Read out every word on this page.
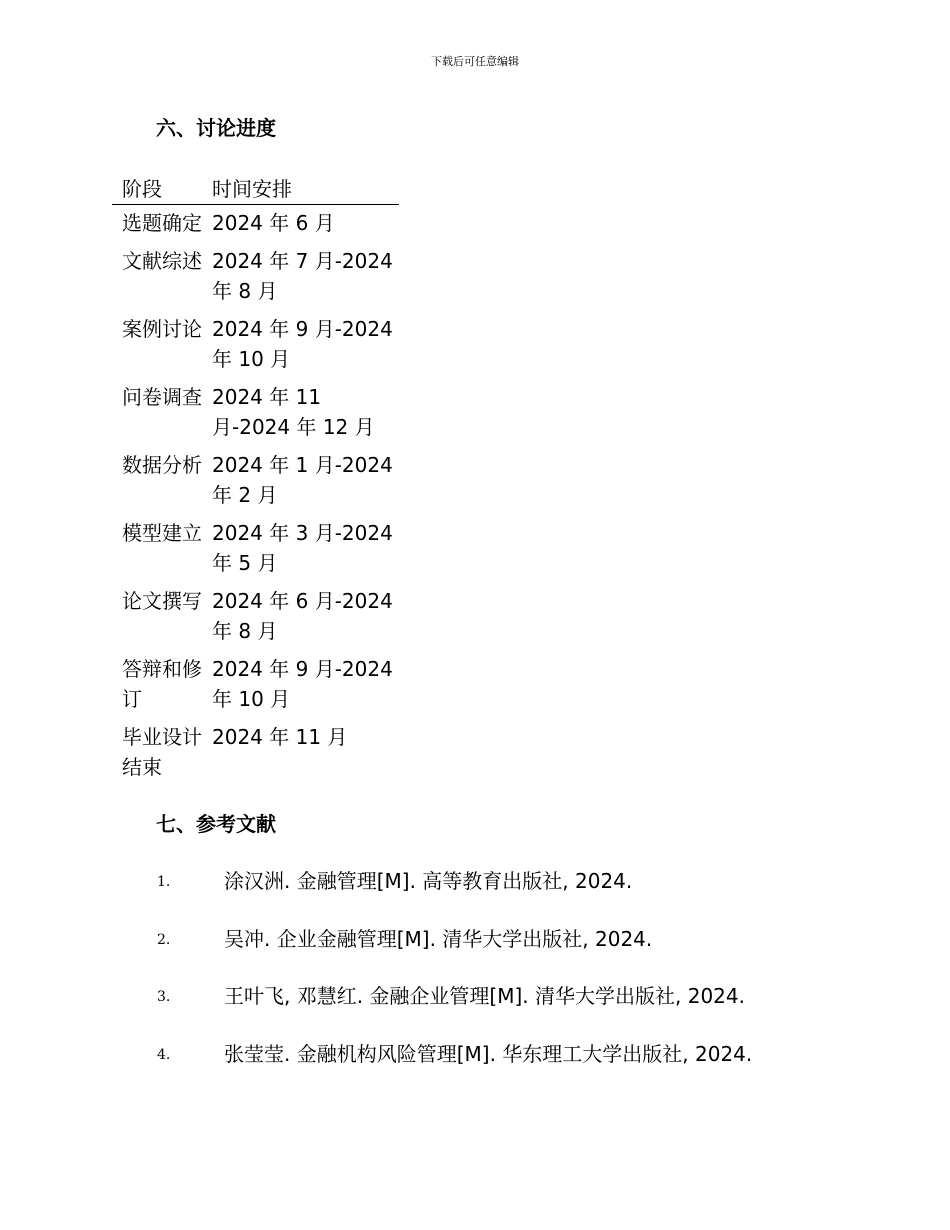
下载后可任意编辑
六、讨论进度
阶段	时间安排
选题确定	2024 年 6 月
文献综述	2024 年 7 月-2024 年 8 月
案例讨论	2024 年 9 月-2024 年 10 月
问卷调查	2024 年 11 月-2024 年 12 月
数据分析	2024 年 1 月-2024 年 2 月
模型建立	2024 年 3 月-2024 年 5 月
论文撰写	2024 年 6 月-2024 年 8 月
答辩和修订	2024 年 9 月-2024 年 10 月
毕业设计结束	2024 年 11 月
七、参考文献
1.	涂汉洲. 金融管理[M]. 高等教育出版社, 2024.
2.	吴冲. 企业金融管理[M]. 清华大学出版社, 2024.
3.	王叶飞, 邓慧红. 金融企业管理[M]. 清华大学出版社, 2024.
4.	张莹莹. 金融机构风险管理[M]. 华东理工大学出版社, 2024.
